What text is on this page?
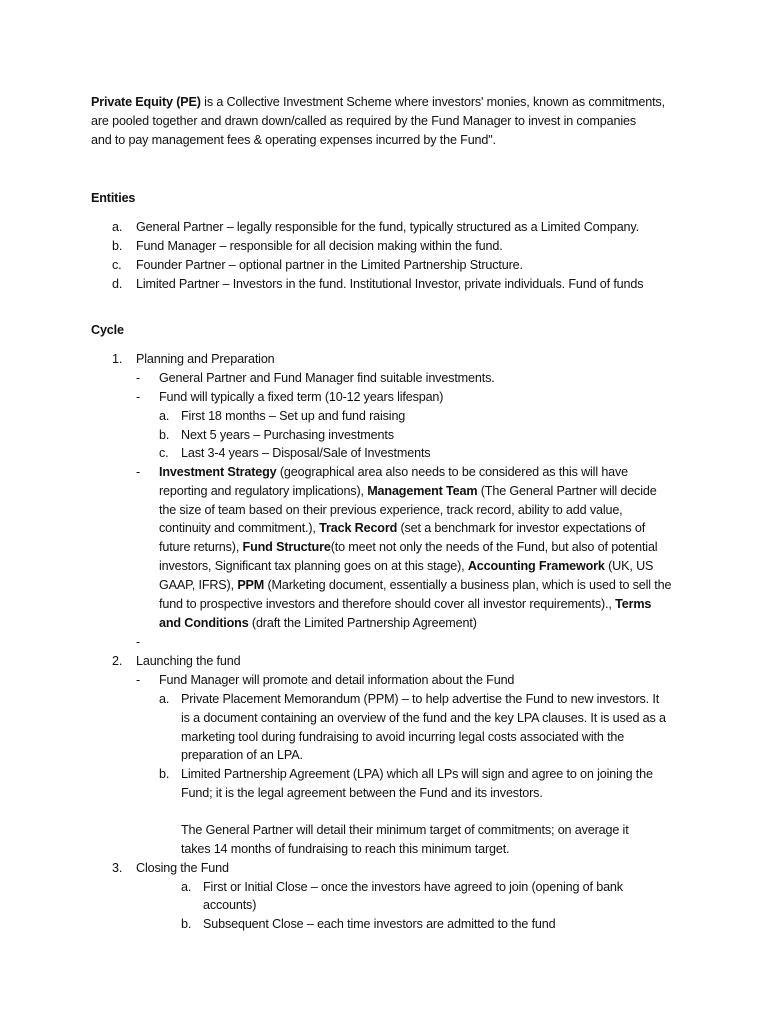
Private Equity (PE) is a Collective Investment Scheme where investors' monies, known as commitments,
are pooled together and drawn down/called as required by the Fund Manager to invest in companies
and to pay management fees & operating expenses incurred by the Fund".
Entities
a. General Partner – legally responsible for the fund, typically structured as a Limited Company.
b. Fund Manager – responsible for all decision making within the fund.
c. Founder Partner – optional partner in the Limited Partnership Structure.
d. Limited Partner – Investors in the fund. Institutional Investor, private individuals. Fund of funds
Cycle
1. Planning and Preparation
- General Partner and Fund Manager find suitable investments.
- Fund will typically a fixed term (10-12 years lifespan)
a. First 18 months – Set up and fund raising
b. Next 5 years – Purchasing investments
c. Last 3-4 years – Disposal/Sale of Investments
- Investment Strategy (geographical area also needs to be considered as this will have
reporting and regulatory implications), Management Team (The General Partner will decide
the size of team based on their previous experience, track record, ability to add value,
continuity and commitment.), Track Record (set a benchmark for investor expectations of
future returns), Fund Structure(to meet not only the needs of the Fund, but also of potential
investors, Significant tax planning goes on at this stage), Accounting Framework (UK, US
GAAP, IFRS), PPM (Marketing document, essentially a business plan, which is used to sell the
fund to prospective investors and therefore should cover all investor requirements)., Terms
and Conditions (draft the Limited Partnership Agreement)
-
2. Launching the fund
- Fund Manager will promote and detail information about the Fund
a. Private Placement Memorandum (PPM) – to help advertise the Fund to new investors. It
is a document containing an overview of the fund and the key LPA clauses. It is used as a
marketing tool during fundraising to avoid incurring legal costs associated with the
preparation of an LPA.
b. Limited Partnership Agreement (LPA) which all LPs will sign and agree to on joining the
Fund; it is the legal agreement between the Fund and its investors.
The General Partner will detail their minimum target of commitments; on average it
takes 14 months of fundraising to reach this minimum target.
3. Closing the Fund
a. First or Initial Close – once the investors have agreed to join (opening of bank
accounts)
b. Subsequent Close – each time investors are admitted to the fund
